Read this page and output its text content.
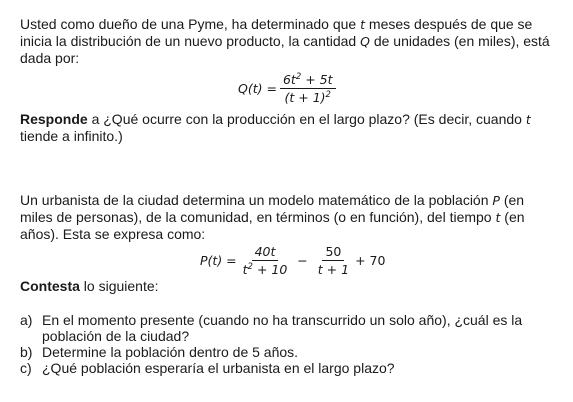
Usted como dueño de una Pyme, ha determinado que t meses después de que se inicia la distribución de un nuevo producto, la cantidad Q de unidades (en miles), está dada por:
$Q(t) = \frac{6t^2 + 5t}{(t + 1)^2}$
Responde a ¿Qué ocurre con la producción en el largo plazo? (Es decir, cuando t tiende a infinito.)
Un urbanista de la ciudad determina un modelo matemático de la población P (en miles de personas), de la comunidad, en términos (o en función), del tiempo t (en años). Esta se expresa como:
$P(t) = \frac{40t}{t^2 + 10} - \frac{50}{t + 1} + 70$
Contesta lo siguiente:
a) En el momento presente (cuando no ha transcurrido un solo año), ¿cuál es la población de la ciudad?
b) Determine la población dentro de 5 años.
c) ¿Qué población esperaría el urbanista en el largo plazo?
